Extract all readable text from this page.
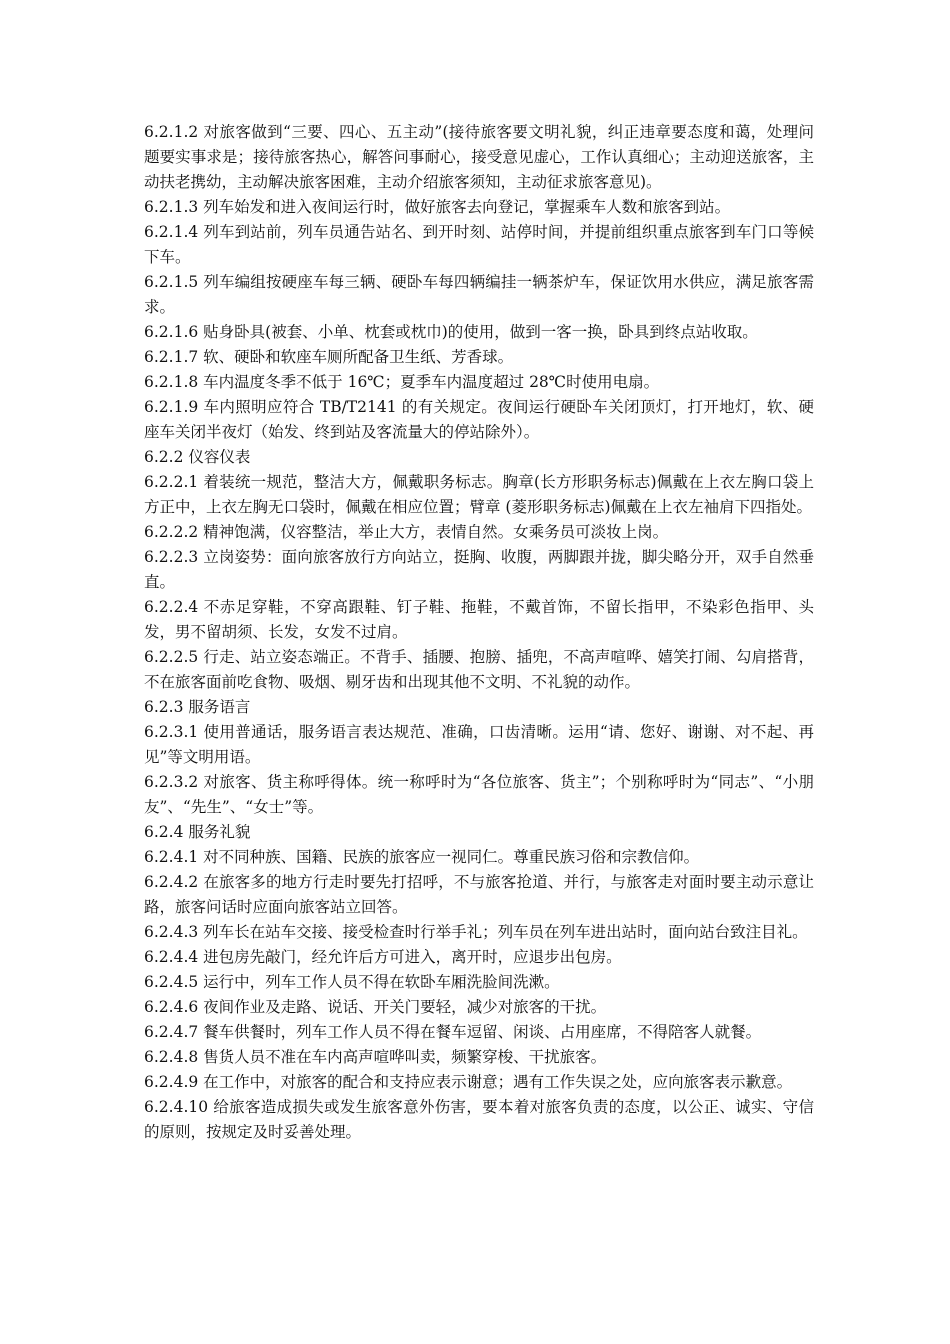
6.2.1.2 对旅客做到“三要、四心、五主动”(接待旅客要文明礼貌，纠正违章要态度和蔼，处理问题要实事求是；接待旅客热心，解答问事耐心，接受意见虚心，工作认真细心；主动迎送旅客，主动扶老携幼，主动解决旅客困难，主动介绍旅客须知，主动征求旅客意见)。

6.2.1.3 列车始发和进入夜间运行时，做好旅客去向登记，掌握乘车人数和旅客到站。

6.2.1.4 列车到站前，列车员通告站名、到开时刻、站停时间，并提前组织重点旅客到车门口等候下车。

6.2.1.5 列车编组按硬座车每三辆、硬卧车每四辆编挂一辆茶炉车，保证饮用水供应，满足旅客需求。

6.2.1.6 贴身卧具(被套、小单、枕套或枕巾)的使用，做到一客一换，卧具到终点站收取。

6.2.1.7 软、硬卧和软座车厕所配备卫生纸、芳香球。

6.2.1.8 车内温度冬季不低于 16℃；夏季车内温度超过 28℃时使用电扇。

6.2.1.9 车内照明应符合 TB/T2141 的有关规定。夜间运行硬卧车关闭顶灯，打开地灯，软、硬座车关闭半夜灯（始发、终到站及客流量大的停站除外）。

6.2.2 仪容仪表

6.2.2.1 着装统一规范，整洁大方，佩戴职务标志。胸章(长方形职务标志)佩戴在上衣左胸口袋上方正中，上衣左胸无口袋时，佩戴在相应位置；臂章 (菱形职务标志)佩戴在上衣左袖肩下四指处。

6.2.2.2 精神饱满，仪容整洁，举止大方，表情自然。女乘务员可淡妆上岗。

6.2.2.3 立岗姿势：面向旅客放行方向站立，挺胸、收腹，两脚跟并拢，脚尖略分开，双手自然垂直。

6.2.2.4 不赤足穿鞋，不穿高跟鞋、钉子鞋、拖鞋，不戴首饰，不留长指甲，不染彩色指甲、头发，男不留胡须、长发，女发不过肩。

6.2.2.5 行走、站立姿态端正。不背手、插腰、抱膀、插兜，不高声喧哗、嬉笑打闹、勾肩搭背，不在旅客面前吃食物、吸烟、剔牙齿和出现其他不文明、不礼貌的动作。

6.2.3 服务语言

6.2.3.1 使用普通话，服务语言表达规范、准确，口齿清晰。运用“请、您好、谢谢、对不起、再见”等文明用语。

6.2.3.2 对旅客、货主称呼得体。统一称呼时为“各位旅客、货主”；个别称呼时为“同志”、“小朋友”、“先生”、“女士”等。

6.2.4 服务礼貌

6.2.4.1 对不同种族、国籍、民族的旅客应一视同仁。尊重民族习俗和宗教信仰。

6.2.4.2 在旅客多的地方行走时要先打招呼，不与旅客抢道、并行，与旅客走对面时要主动示意让路，旅客问话时应面向旅客站立回答。

6.2.4.3 列车长在站车交接、接受检查时行举手礼；列车员在列车进出站时，面向站台致注目礼。

6.2.4.4 进包房先敲门，经允许后方可进入，离开时，应退步出包房。

6.2.4.5 运行中，列车工作人员不得在软卧车厢洗脸间洗漱。

6.2.4.6 夜间作业及走路、说话、开关门要轻，减少对旅客的干扰。

6.2.4.7 餐车供餐时，列车工作人员不得在餐车逗留、闲谈、占用座席，不得陪客人就餐。

6.2.4.8 售货人员不准在车内高声喧哗叫卖，频繁穿梭、干扰旅客。

6.2.4.9 在工作中，对旅客的配合和支持应表示谢意；遇有工作失误之处，应向旅客表示歉意。

6.2.4.10 给旅客造成损失或发生旅客意外伤害，要本着对旅客负责的态度，以公正、诚实、守信的原则，按规定及时妥善处理。
